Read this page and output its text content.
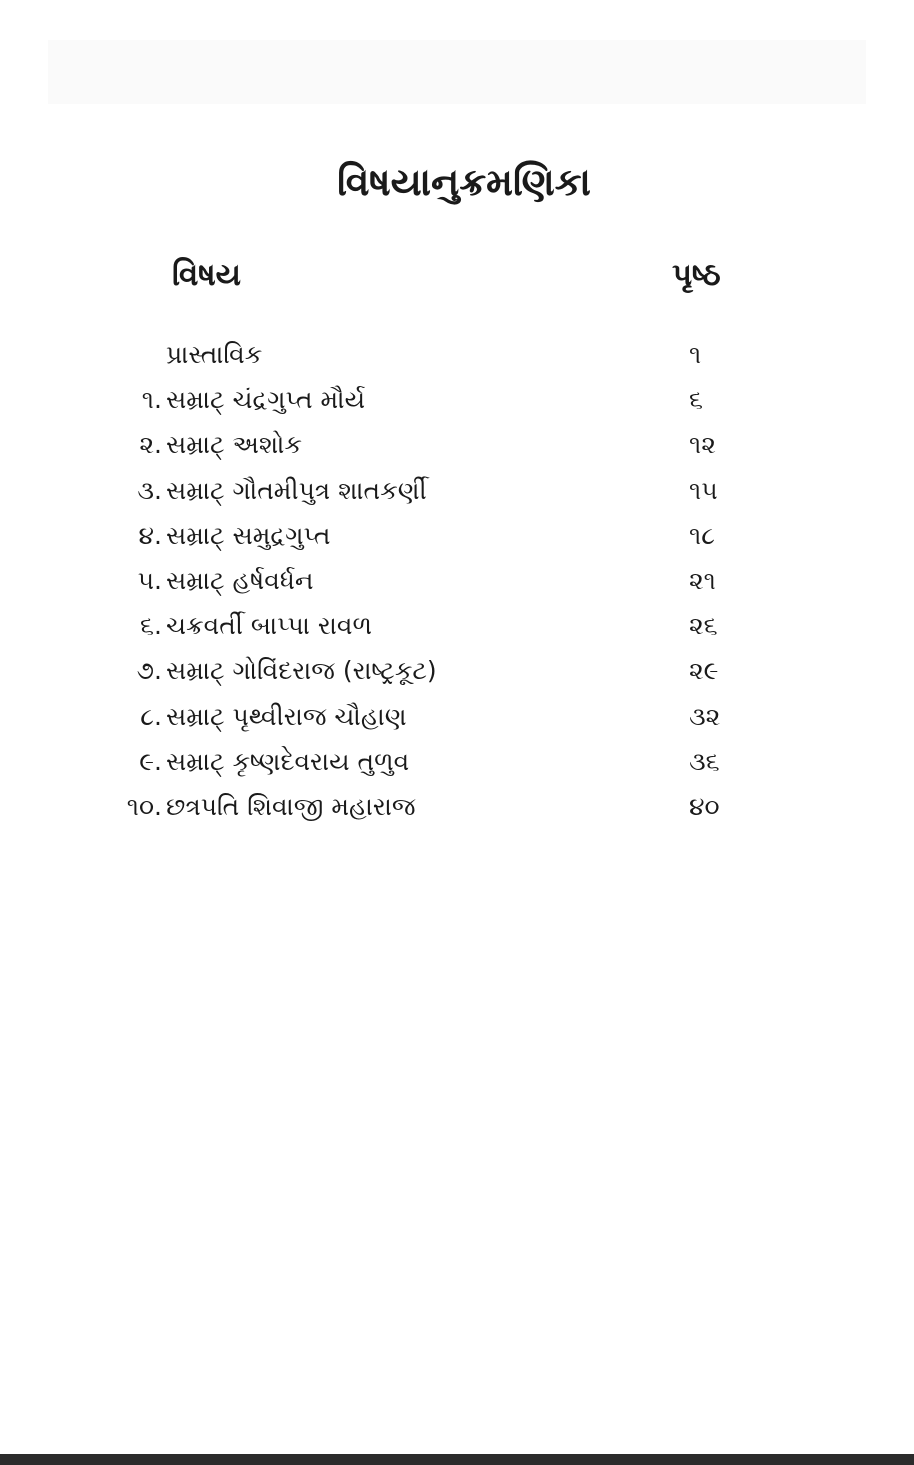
વિષયાનુક્રમણિકા
વિષય	પૃષ્ઠ
પ્રાસ્તાવિક	૧
૧. સમ્રાટ્ ચંદ્રગુપ્ત મૌર્ય	૬
૨. સમ્રાટ્ અશોક	૧૨
૩. સમ્રાટ્ ગૌતમીપુત્ર શાતકર્ણી	૧૫
૪. સમ્રાટ્ સમુદ્રગુપ્ત	૧૮
૫. સમ્રાટ્ હર્ષવર્ધન	૨૧
૬. ચક્રવર્તી બાપ્પા રાવળ	૨૬
૭. સમ્રાટ્ ગોવિંદરાજ (રાષ્ટ્રકૂટ)	૨૯
૮. સમ્રાટ્ પૃથ્વીરાજ ચૌહાણ	૩૨
૯. સમ્રાટ્ કૃષ્ણદેવરાય તુળુવ	૩૬
૧૦. છત્રપતિ શિવાજી મહારાજ	૪૦
